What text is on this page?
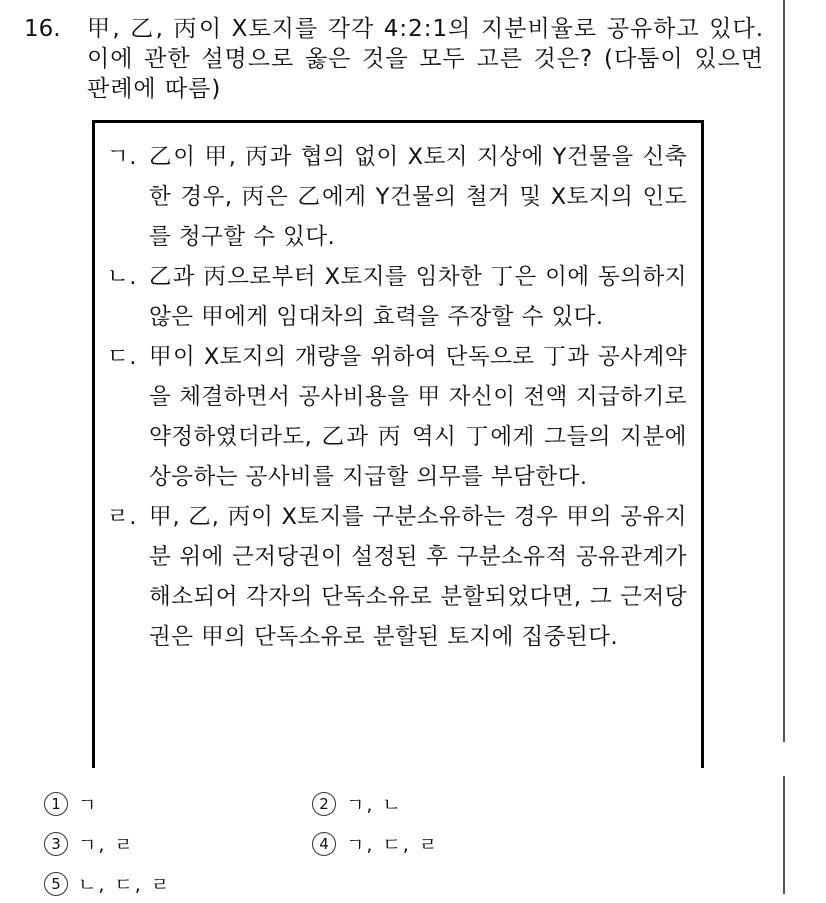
16. 甲, 乙, 丙이 X토지를 각각 4:2:1의 지분비율로 공유하고 있다. 이에 관한 설명으로 옳은 것을 모두 고른 것은? (다툼이 있으면 판례에 따름)
ㄱ. 乙이 甲, 丙과 협의 없이 X토지 지상에 Y건물을 신축한 경우, 丙은 乙에게 Y건물의 철거 및 X토지의 인도를 청구할 수 있다.
ㄴ. 乙과 丙으로부터 X토지를 임차한 丁은 이에 동의하지 않은 甲에게 임대차의 효력을 주장할 수 있다.
ㄷ. 甲이 X토지의 개량을 위하여 단독으로 丁과 공사계약을 체결하면서 공사비용을 甲 자신이 전액 지급하기로 약정하였더라도, 乙과 丙 역시 丁에게 그들의 지분에 상응하는 공사비를 지급할 의무를 부담한다.
ㄹ. 甲, 乙, 丙이 X토지를 구분소유하는 경우 甲의 공유지분 위에 근저당권이 설정된 후 구분소유적 공유관계가 해소되어 각자의 단독소유로 분할되었다면, 그 근저당권은 甲의 단독소유로 분할된 토지에 집중된다.
1 ㄱ	2 ㄱ, ㄴ
3 ㄱ, ㄹ	4 ㄱ, ㄷ, ㄹ
5 ㄴ, ㄷ, ㄹ
